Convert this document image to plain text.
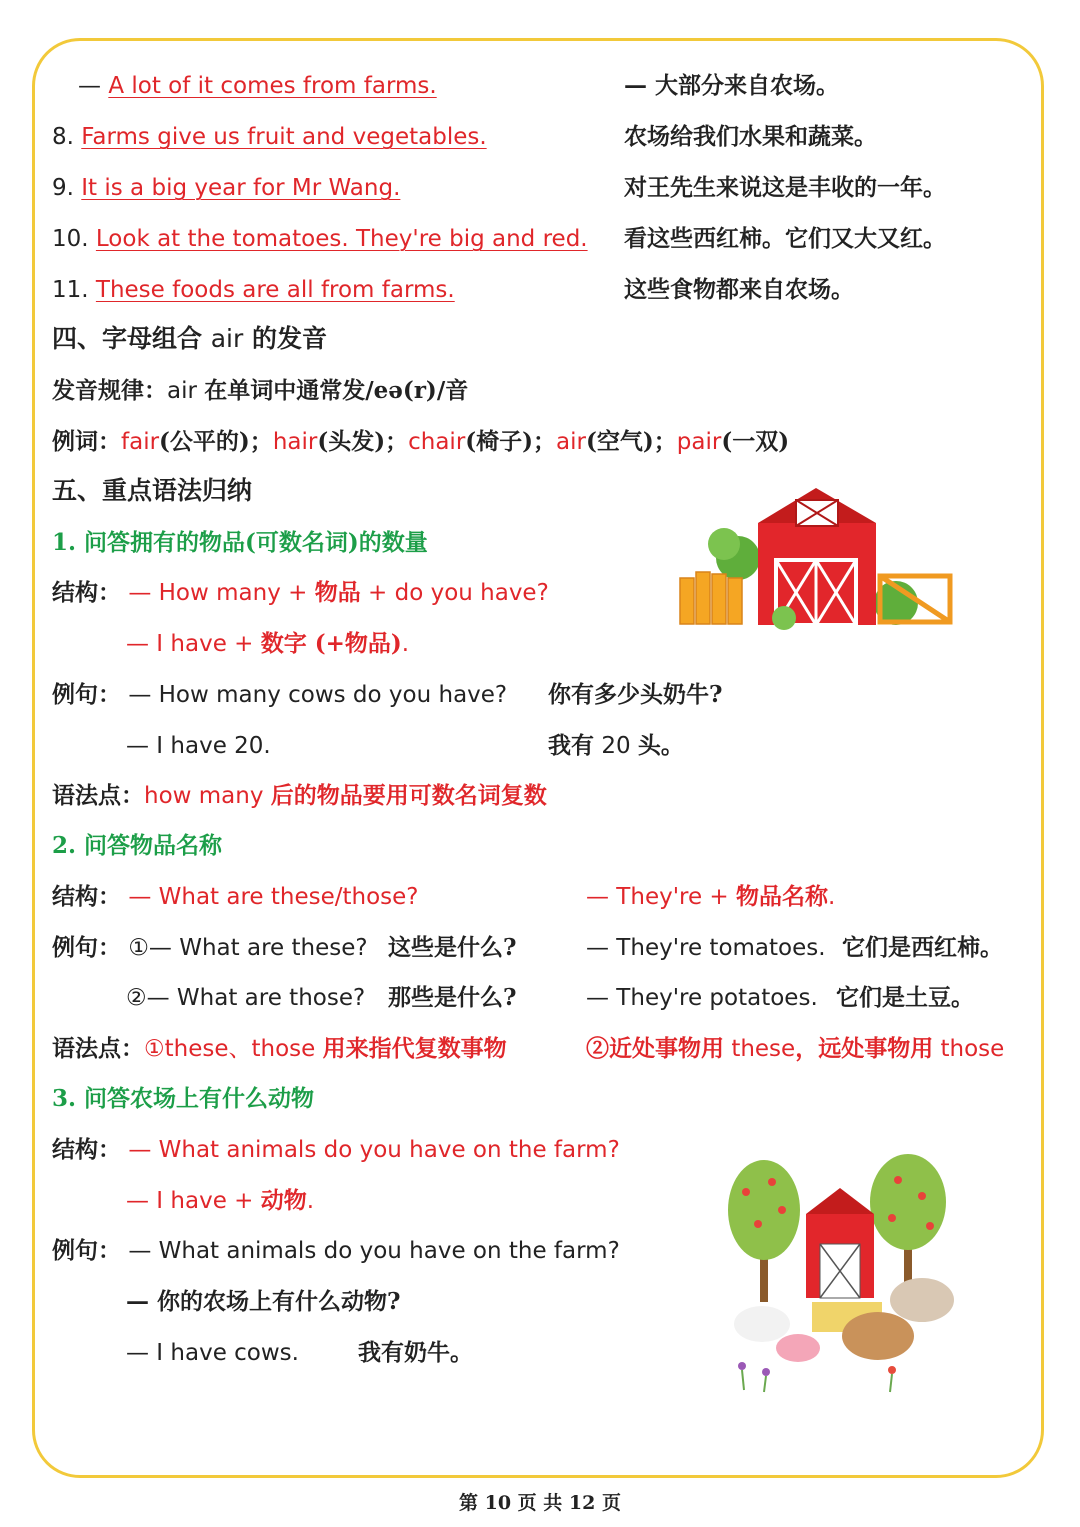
— A lot of it comes from farms.	— 大部分来自农场。
8. Farms give us fruit and vegetables.	农场给我们水果和蔬菜。
9. It is a big year for Mr Wang.	对王先生来说这是丰收的一年。
10. Look at the tomatoes. They're big and red. 看这些西红柿。它们又大又红。
11. These foods are all from farms.	这些食物都来自农场。
四、字母组合 air 的发音
发音规律：air 在单词中通常发/eə(r)/音
例词：fair(公平的)；hair(头发)；chair(椅子)；air(空气)；pair(一双)
五、重点语法归纳
1. 问答拥有的物品(可数名词)的数量
结构： — How many + 物品 + do you have?
— I have + 数字 (+物品).
例句： — How many cows do you have? 你有多少头奶牛?
— I have 20.	我有 20 头。
语法点：how many 后的物品要用可数名词复数
2. 问答物品名称
结构： — What are these/those?	— They're + 物品名称.
例句： ①— What are these? 这些是什么?	— They're tomatoes. 它们是西红柿。
②— What are those? 那些是什么?	— They're potatoes. 它们是土豆。
语法点：①these、those 用来指代复数事物	②近处事物用 these，远处事物用 those
3. 问答农场上有什么动物
结构： — What animals do you have on the farm?
— I have + 动物.
例句： — What animals do you have on the farm?
— 你的农场上有什么动物?
— I have cows.	我有奶牛。
第 10 页 共 12 页
